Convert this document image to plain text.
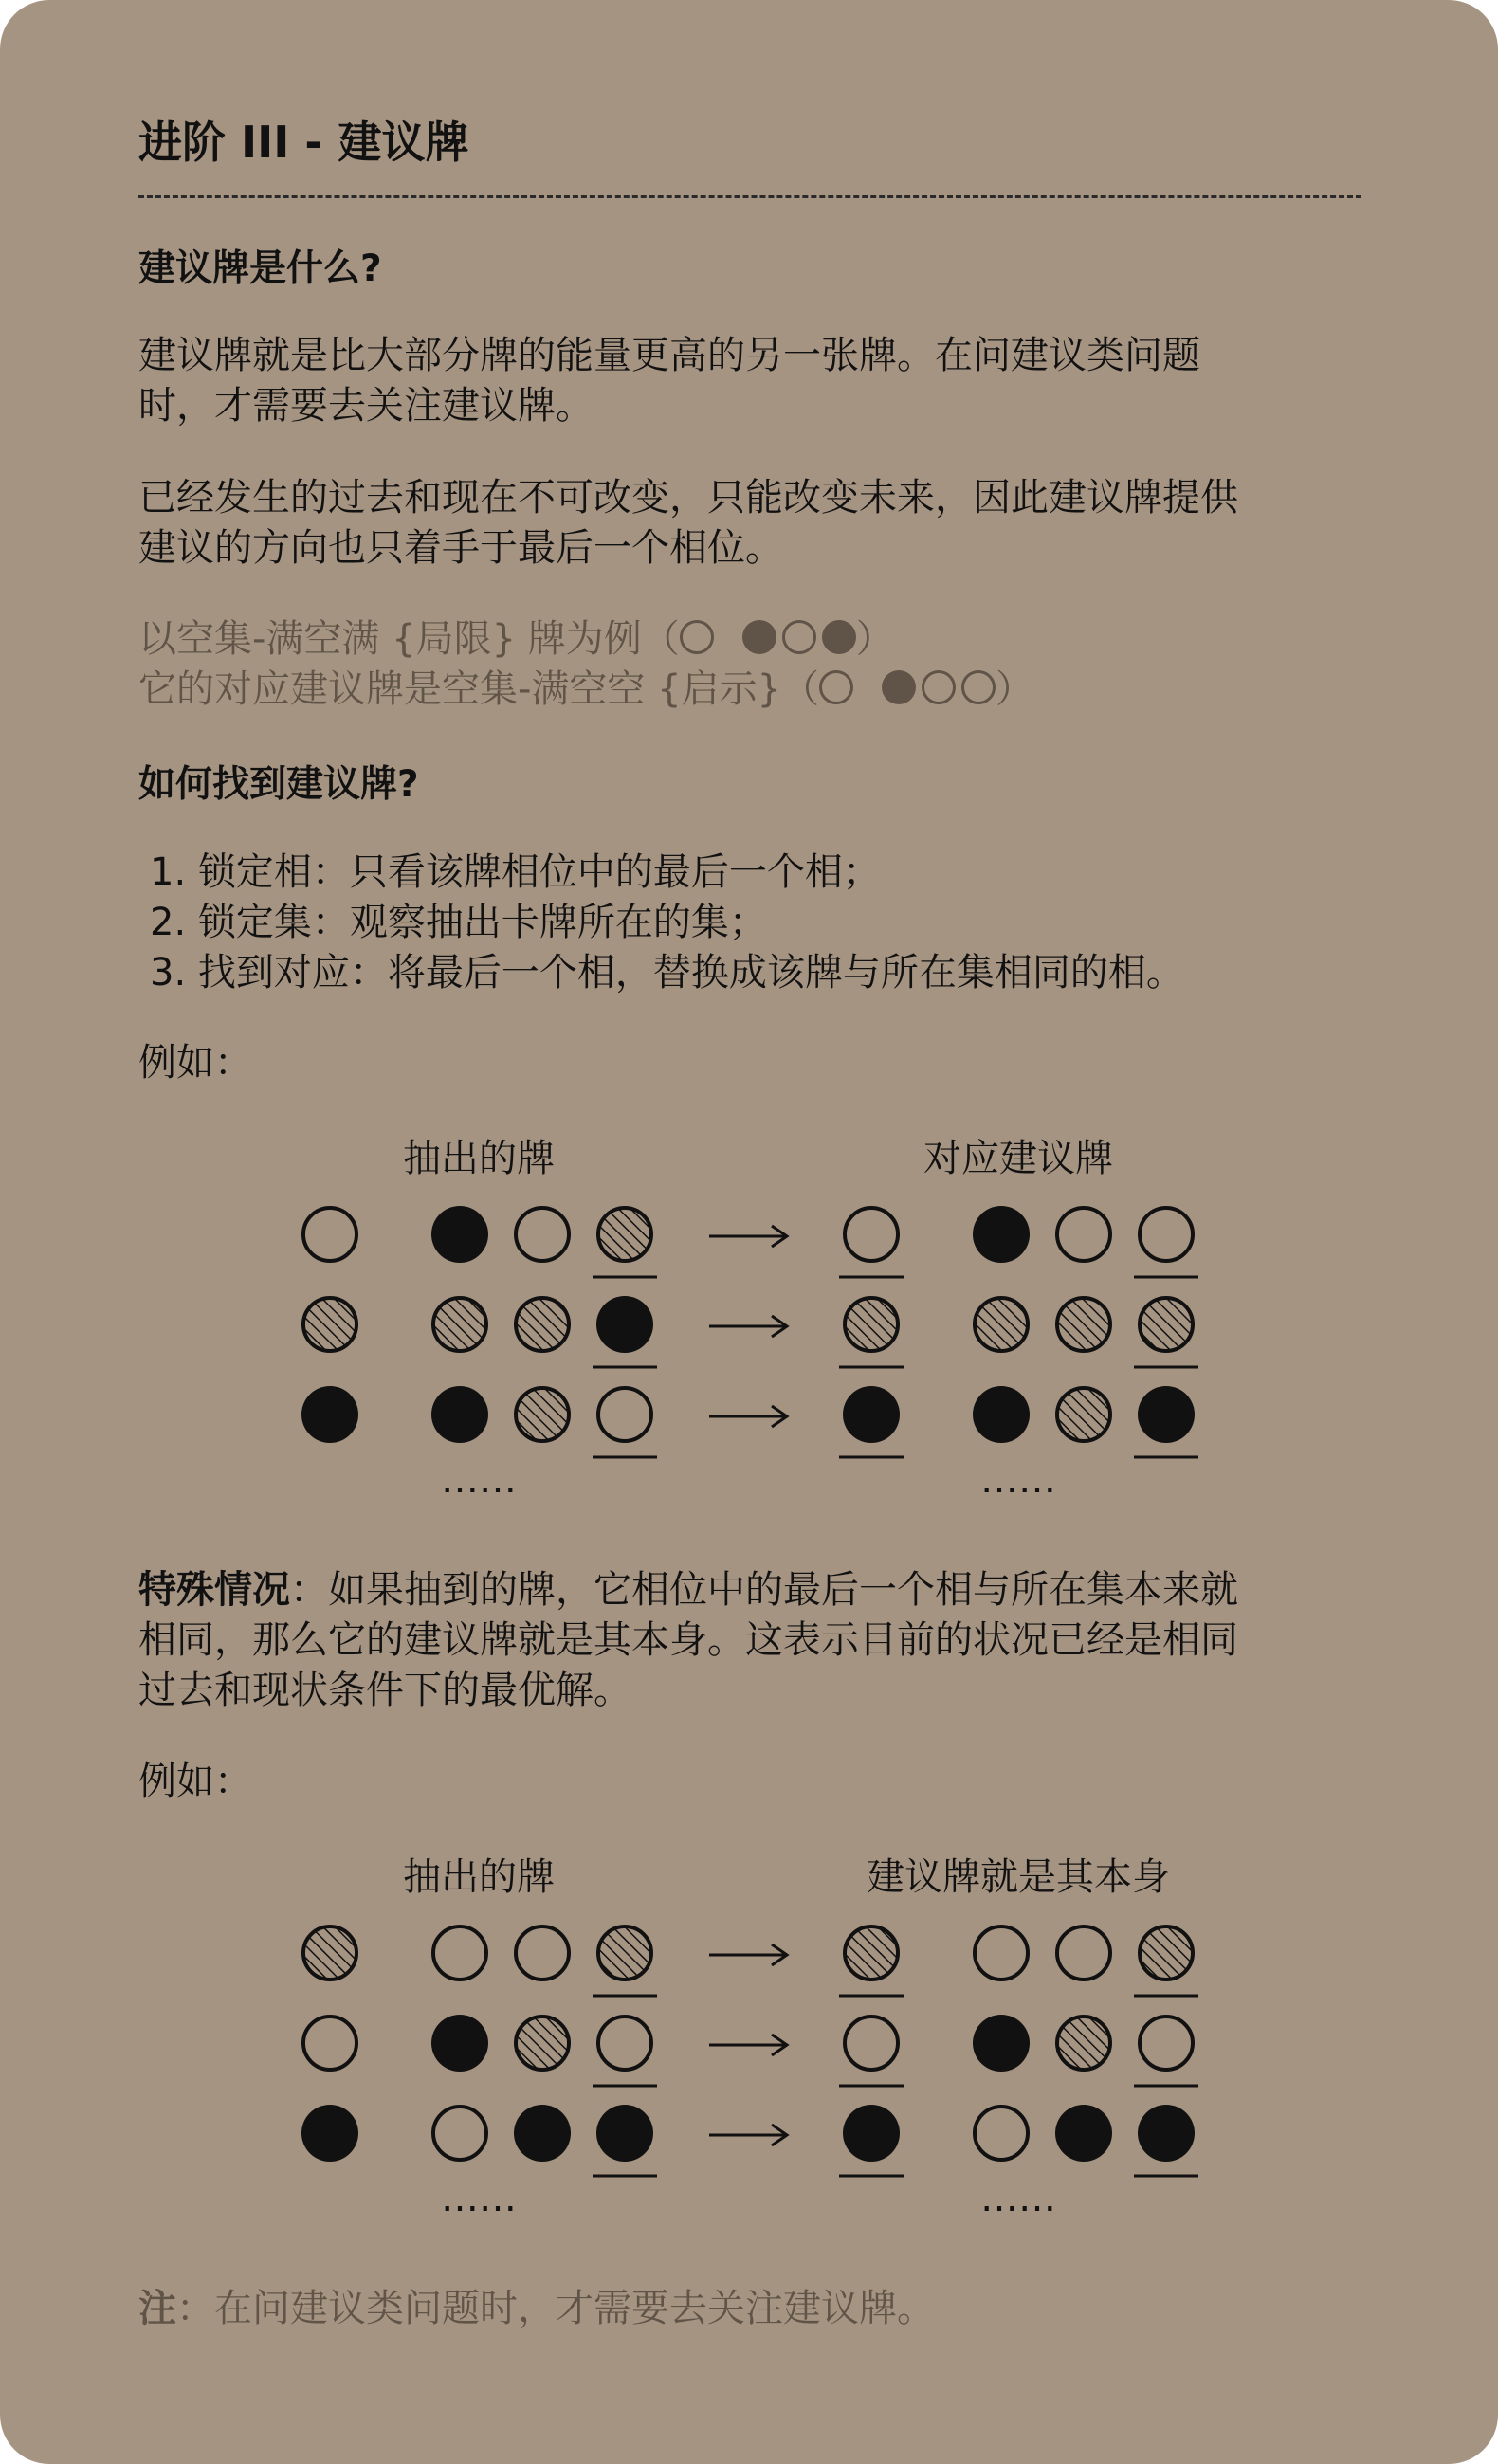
进阶 III - 建议牌
建议牌是什么?
建议牌就是比大部分牌的能量更高的另一张牌。在问建议类问题
时，才需要去关注建议牌。
已经发生的过去和现在不可改变，只能改变未来，因此建议牌提供
建议的方向也只着手于最后一个相位。
以空集-满空满 {局限} 牌为例（	）
它的对应建议牌是空集-满空空 {启示}（	）
如何找到建议牌?
1. 锁定相：只看该牌相位中的最后一个相；
2. 锁定集：观察抽出卡牌所在的集；
3. 找到对应：将最后一个相，替换成该牌与所在集相同的相。
例如：
抽出的牌	对应建议牌
……	……
特殊情况：如果抽到的牌，它相位中的最后一个相与所在集本来就
相同，那么它的建议牌就是其本身。这表示目前的状况已经是相同
过去和现状条件下的最优解。
例如：
抽出的牌	建议牌就是其本身
……	……
注：在问建议类问题时，才需要去关注建议牌。
